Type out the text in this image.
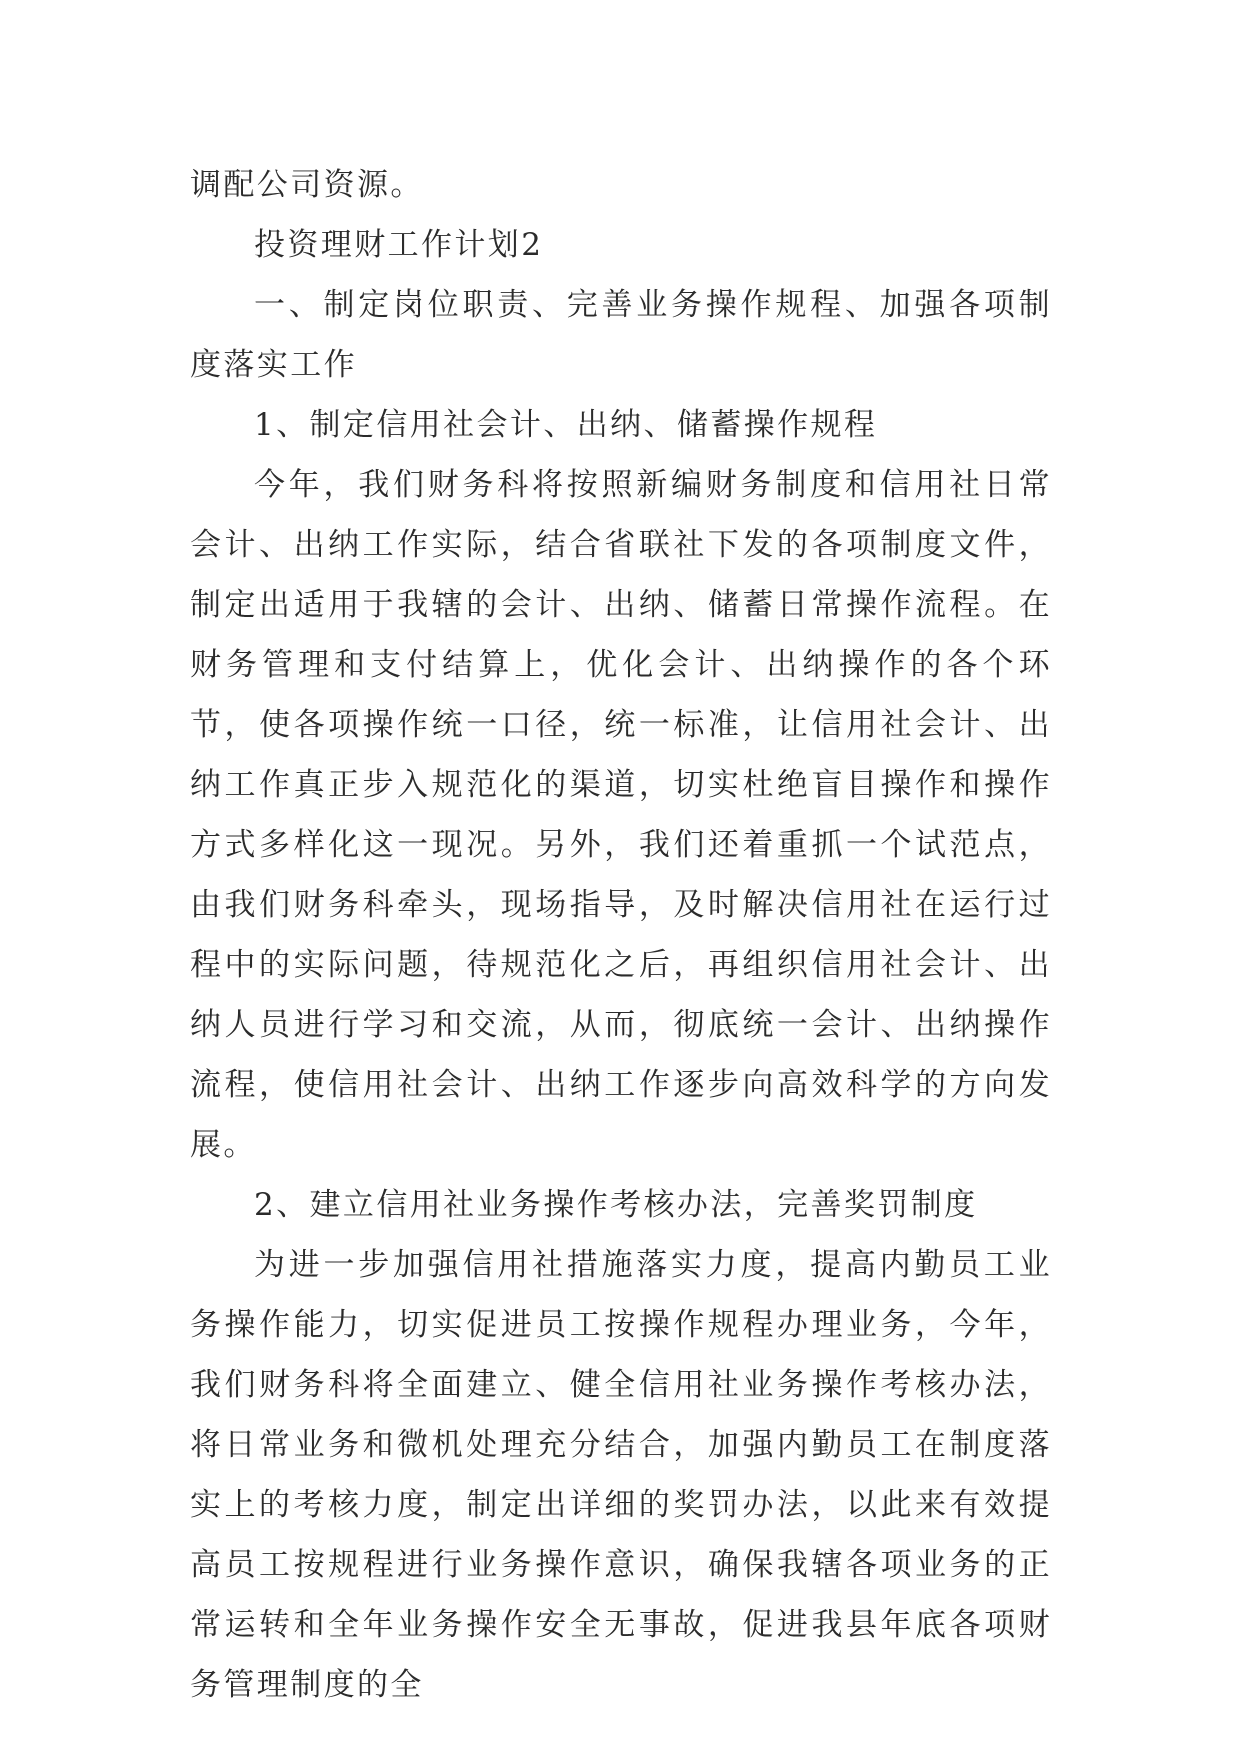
调配公司资源。

投资理财工作计划2

一、制定岗位职责、完善业务操作规程、加强各项制度落实工作

1、制定信用社会计、出纳、储蓄操作规程

今年，我们财务科将按照新编财务制度和信用社日常会计、出纳工作实际，结合省联社下发的各项制度文件，制定出适用于我辖的会计、出纳、储蓄日常操作流程。在财务管理和支付结算上，优化会计、出纳操作的各个环节，使各项操作统一口径，统一标准，让信用社会计、出纳工作真正步入规范化的渠道，切实杜绝盲目操作和操作方式多样化这一现况。另外，我们还着重抓一个试范点，由我们财务科牵头，现场指导，及时解决信用社在运行过程中的实际问题，待规范化之后，再组织信用社会计、出纳人员进行学习和交流，从而，彻底统一会计、出纳操作流程，使信用社会计、出纳工作逐步向高效科学的方向发展。

2、建立信用社业务操作考核办法，完善奖罚制度

为进一步加强信用社措施落实力度，提高内勤员工业务操作能力，切实促进员工按操作规程办理业务，今年，我们财务科将全面建立、健全信用社业务操作考核办法，将日常业务和微机处理充分结合，加强内勤员工在制度落实上的考核力度，制定出详细的奖罚办法，以此来有效提高员工按规程进行业务操作意识，确保我辖各项业务的正常运转和全年业务操作安全无事故，促进我县年底各项财务管理制度的全
